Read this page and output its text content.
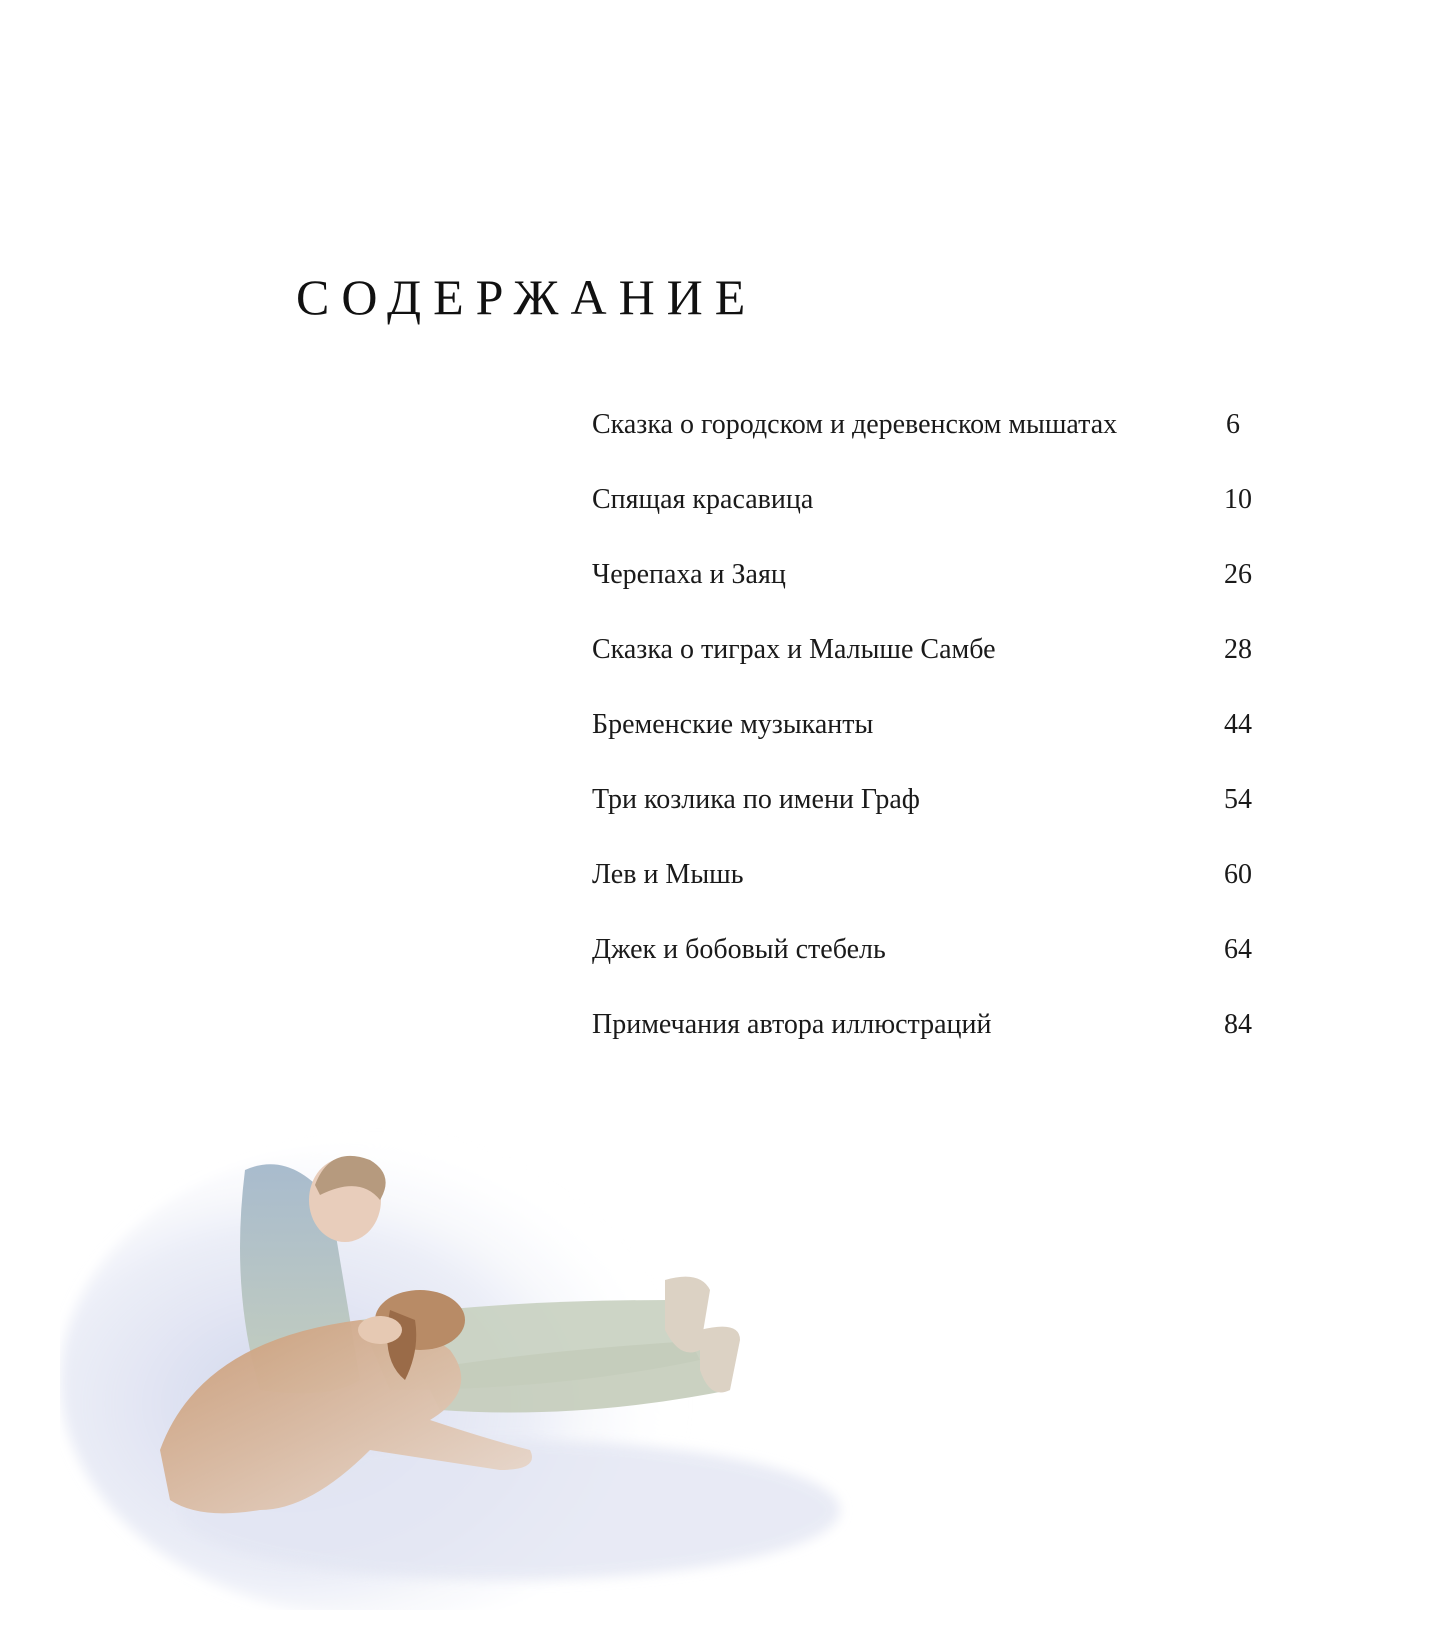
СОДЕРЖАНИЕ
Сказка о городском и деревенском мышатах	6
Спящая красавица	10
Черепаха и Заяц	26
Сказка о тиграх и Малыше Самбе	28
Бременские музыканты	44
Три козлика по имени Граф	54
Лев и Мышь	60
Джек и бобовый стебель	64
Примечания автора иллюстраций	84
